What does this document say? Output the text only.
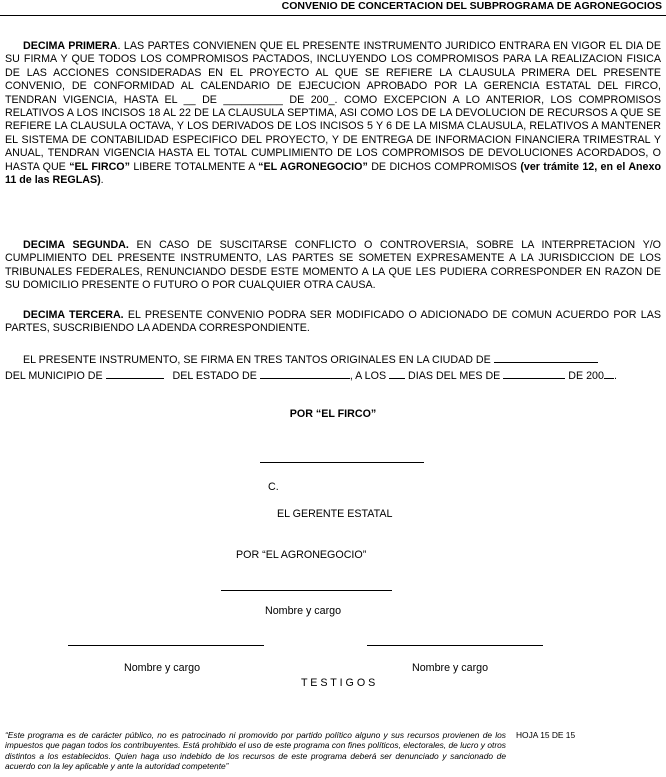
CONVENIO DE CONCERTACION DEL SUBPROGRAMA DE AGRONEGOCIOS

DECIMA PRIMERA. LAS PARTES CONVIENEN QUE EL PRESENTE INSTRUMENTO JURIDICO ENTRARA EN VIGOR EL DIA DE SU FIRMA Y QUE TODOS LOS COMPROMISOS PACTADOS, INCLUYENDO LOS COMPROMISOS PARA LA REALIZACION FISICA DE LAS ACCIONES CONSIDERADAS EN EL PROYECTO AL QUE SE REFIERE LA CLAUSULA PRIMERA DEL PRESENTE CONVENIO, DE CONFORMIDAD AL CALENDARIO DE EJECUCION APROBADO POR LA GERENCIA ESTATAL DEL FIRCO, TENDRAN VIGENCIA, HASTA EL __ DE __________ DE 200_. COMO EXCEPCION A LO ANTERIOR, LOS COMPROMISOS RELATIVOS A LOS INCISOS 18 AL 22 DE LA CLAUSULA SEPTIMA, ASI COMO LOS DE LA DEVOLUCION DE RECURSOS A QUE SE REFIERE LA CLAUSULA OCTAVA, Y LOS DERIVADOS DE LOS INCISOS 5 Y 6 DE LA MISMA CLAUSULA, RELATIVOS A MANTENER EL SISTEMA DE CONTABILIDAD ESPECIFICO DEL PROYECTO, Y DE ENTREGA DE INFORMACION FINANCIERA TRIMESTRAL Y ANUAL, TENDRAN VIGENCIA HASTA EL TOTAL CUMPLIMIENTO DE LOS COMPROMISOS DE DEVOLUCIONES ACORDADOS, O HASTA QUE “EL FIRCO” LIBERE TOTALMENTE A “EL AGRONEGOCIO” DE DICHOS COMPROMISOS (ver trámite 12, en el Anexo 11 de las REGLAS).

DECIMA SEGUNDA. EN CASO DE SUSCITARSE CONFLICTO O CONTROVERSIA, SOBRE LA INTERPRETACION Y/O CUMPLIMIENTO DEL PRESENTE INSTRUMENTO, LAS PARTES SE SOMETEN EXPRESAMENTE A LA JURISDICCION DE LOS TRIBUNALES FEDERALES, RENUNCIANDO DESDE ESTE MOMENTO A LA QUE LES PUDIERA CORRESPONDER EN RAZON DE SU DOMICILIO PRESENTE O FUTURO O POR CUALQUIER OTRA CAUSA.

DECIMA TERCERA. EL PRESENTE CONVENIO PODRA SER MODIFICADO O ADICIONADO DE COMUN ACUERDO POR LAS PARTES, SUSCRIBIENDO LA ADENDA CORRESPONDIENTE.

EL PRESENTE INSTRUMENTO, SE FIRMA EN TRES TANTOS ORIGINALES EN LA CIUDAD DE
DEL MUNICIPIO DE	DEL ESTADO DE	, A LOS DIAS DEL MES DE	DE 200 .
POR “EL FIRCO”
C.
EL GERENTE ESTATAL
POR “EL AGRONEGOCIO”
Nombre y cargo
Nombre y cargo	Nombre y cargo
T E S T I G O S
“Este programa es de carácter público, no es patrocinado ni promovido por partido político alguno y sus recursos provienen de los impuestos que pagan todos los contribuyentes. Está prohibido el uso de este programa con fines políticos, electorales, de lucro y otros distintos a los establecidos. Quien haga uso indebido de los recursos de este programa deberá ser denunciado y sancionado de acuerdo con la ley aplicable y ante la autoridad competente”
HOJA 15 DE 15
